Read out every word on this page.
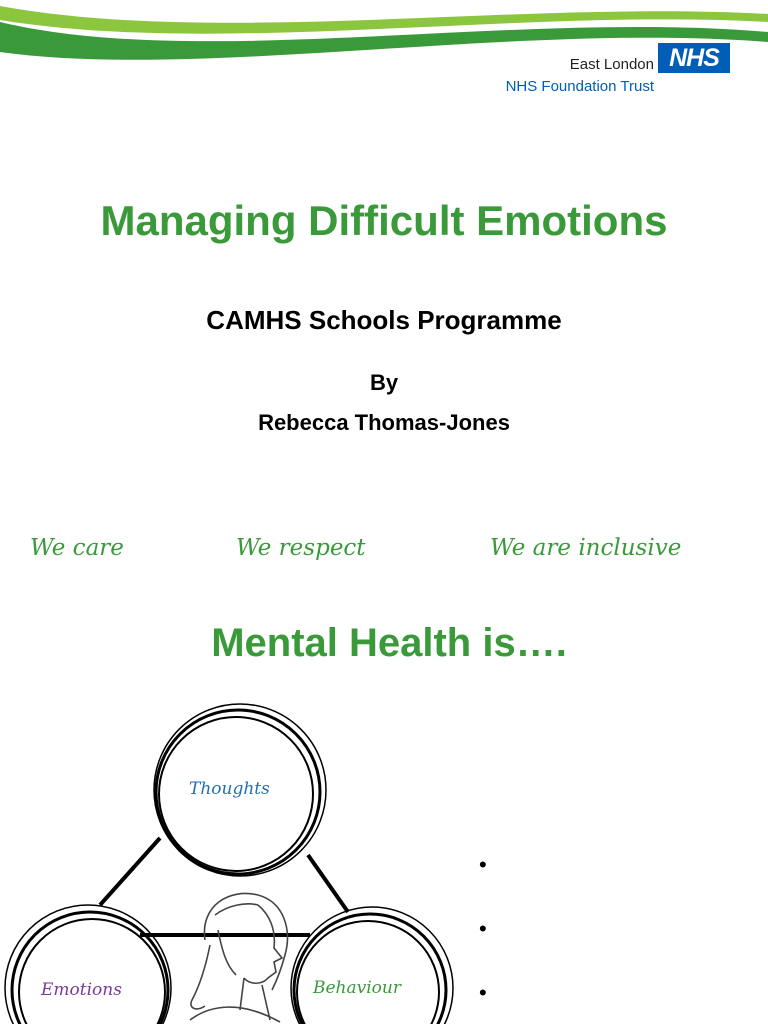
East London NHS
NHS Foundation Trust
Managing Difficult Emotions
CAMHS Schools Programme
By
Rebecca Thomas-Jones
We care	We respect	We are inclusive
Mental Health is….
Thoughts
Emotions	Behaviour
•
•
•
